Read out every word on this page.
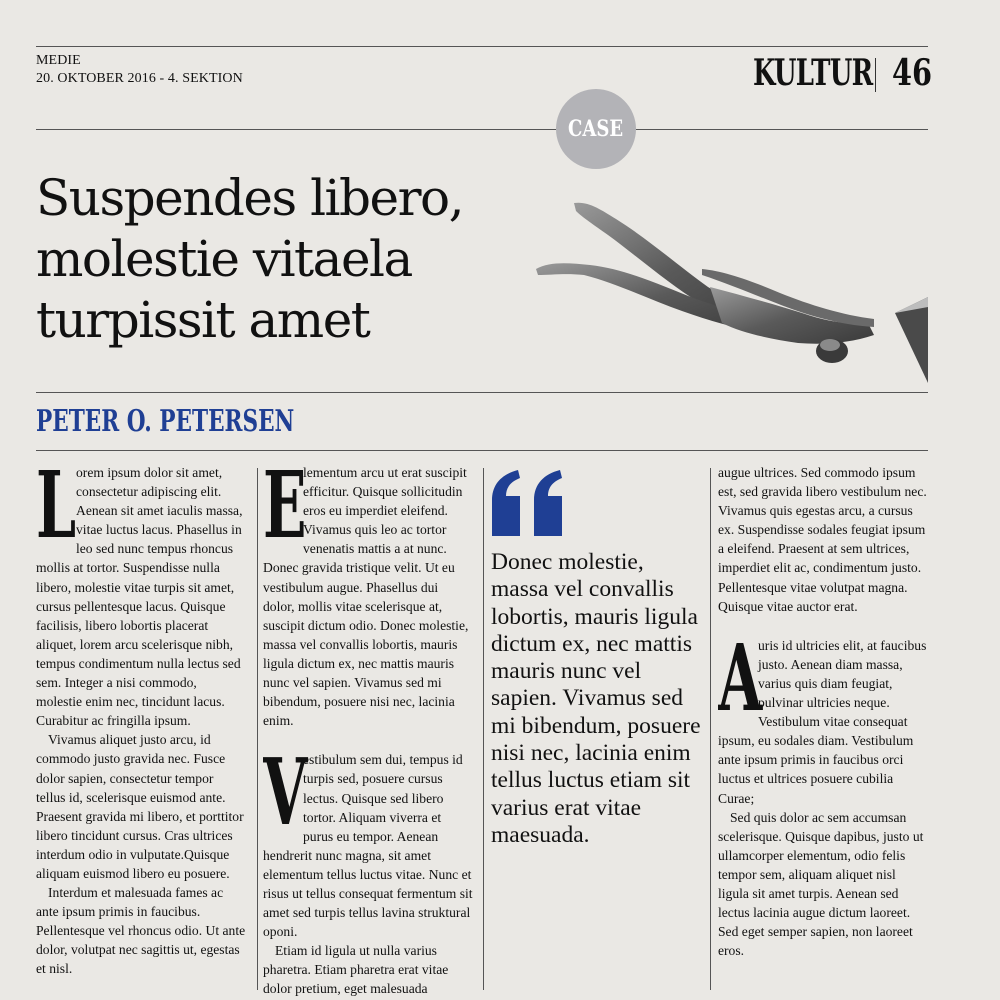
MEDIE
20. OKTOBER 2016 - 4. SEKTION	KULTUR 46
CASE
Suspendes libero,
molestie vitaela
turpissit amet
PETER O. PETERSEN

L orem ipsum dolor sit amet, consectetur adipiscing elit. Aenean sit amet iaculis massa, vitae luctus lacus. Phasellus in leo sed nunc tempus rhoncus mollis at tortor. Suspendisse nulla libero, molestie vitae turpis sit amet, cursus pellentesque lacus. Quisque facilisis, libero lobortis placerat aliquet, lorem arcu scelerisque nibh, tempus condimentum nulla lectus sed sem. Integer a nisi commodo, molestie enim nec, tincidunt lacus. Curabitur ac fringilla ipsum.

Vivamus aliquet justo arcu, id commodo justo gravida nec. Fusce dolor sapien, consectetur tempor tellus id, scelerisque euismod ante. Praesent gravida mi libero, et porttitor libero tincidunt cursus. Cras ultrices interdum odio in vulputate.Quisque aliquam euismod libero eu posuere.

Interdum et malesuada fames ac ante ipsum primis in faucibus. Pellentesque vel rhoncus odio. Ut ante dolor, volutpat nec sagittis ut, egestas et nisl.

E
lementum arcu ut erat suscipit efficitur. Quisque sollicitudin eros eu imperdiet eleifend. Vivamus quis leo ac tortor venenatis mattis a at nunc. Donec gravida tristique velit. Ut eu vestibulum augue. Phasellus dui dolor, mollis vitae scelerisque at, suscipit dictum odio. Donec molestie, massa vel convallis lobortis, mauris ligula dictum ex, nec mattis mauris nunc vel sapien. Vivamus sed mi bibendum, posuere nisi nec, lacinia enim.

V
estibulum sem dui, tempus id turpis sed, posuere cursus lectus. Quisque sed libero tortor. Aliquam viverra et purus eu tempor. Aenean hendrerit nunc magna, sit amet elementum tellus luctus vitae. Nunc et risus ut tellus consequat fermentum sit amet sed turpis tellus lavina struktural oponi.

Etiam id ligula ut nulla varius pharetra. Etiam pharetra erat vitae dolor pretium, eget malesuada

Donec molestie, massa vel convallis lobortis, mauris ligula dictum ex, nec mattis mauris nunc vel sapien. Vivamus sed mi bibendum, posuere nisi nec, lacinia enim tellus luctus etiam sit varius erat vitae maesuada.

augue ultrices. Sed commodo ipsum est, sed gravida libero vestibulum nec. Vivamus quis egestas arcu, a cursus ex. Suspendisse sodales feugiat ipsum a eleifend. Praesent at sem ultrices, imperdiet elit ac, condimentum justo. Pellentesque vitae volutpat magna. Quisque vitae auctor erat.

A
uris id ultricies elit, at faucibus justo. Aenean diam massa, varius quis diam feugiat, pulvinar ultricies neque. Vestibulum vitae consequat ipsum, eu sodales diam. Vestibulum ante ipsum primis in faucibus orci luctus et ultrices posuere cubilia Curae;

Sed quis dolor ac sem accumsan scelerisque. Quisque dapibus, justo ut ullamcorper elementum, odio felis tempor sem, aliquam aliquet nisl ligula sit amet turpis. Aenean sed lectus lacinia augue dictum laoreet. Sed eget semper sapien, non laoreet eros.
